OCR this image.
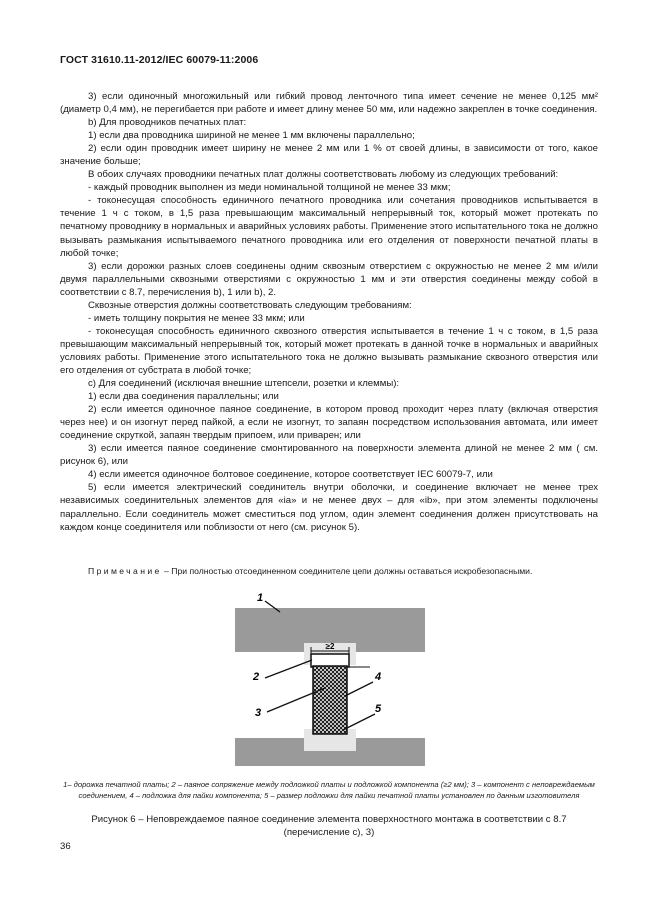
ГОСТ 31610.11-2012/IEC 60079-11:2006

3) если одиночный многожильный или гибкий провод ленточного типа имеет сечение не менее 0,125 мм² (диаметр 0,4 мм), не перегибается при работе и имеет длину менее 50 мм, или надежно закреплен в точке соединения.

b) Для проводников печатных плат:

1) если два проводника шириной не менее 1 мм включены параллельно;

2) если один проводник имеет ширину не менее 2 мм или 1 % от своей длины, в зависимости от того, какое значение больше;

В обоих случаях проводники печатных плат должны соответствовать любому из следующих требований:

- каждый проводник выполнен из меди номинальной толщиной не менее 33 мкм;

- токонесущая способность единичного печатного проводника или сочетания проводников испытывается в течение 1 ч с током, в 1,5 раза превышающим максимальный непрерывный ток, который может протекать по печатному проводнику в нормальных и аварийных условиях работы. Применение этого испытательного тока не должно вызывать размыкания испытываемого печатного проводника или его отделения от поверхности печатной платы в любой точке;

3) если дорожки разных слоев соединены одним сквозным отверстием с окружностью не менее 2 мм и/или двумя параллельными сквозными отверстиями с окружностью 1 мм и эти отверстия соединены между собой в соответствии с 8.7, перечисления b), 1 или b), 2.

Сквозные отверстия должны соответствовать следующим требованиям:

- иметь толщину покрытия не менее 33 мкм; или

- токонесущая способность единичного сквозного отверстия испытывается в течение 1 ч с током, в 1,5 раза превышающим максимальный непрерывный ток, который может протекать в данной точке в нормальных и аварийных условиях работы. Применение этого испытательного тока не должно вызывать размыкание сквозного отверстия или его отделения от субстрата в любой точке;

с) Для соединений (исключая внешние штепсели, розетки и клеммы):

1) если два соединения параллельны; или

2) если имеется одиночное паяное соединение, в котором провод проходит через плату (включая отверстия через нее) и он изогнут перед пайкой, а если не изогнут, то запаян посредством использования автомата, или имеет соединение скруткой, запаян твердым припоем, или приварен; или

3) если имеется паяное соединение смонтированного на поверхности элемента длиной не менее 2 мм ( см. рисунок 6), или

4) если имеется одиночное болтовое соединение, которое соответствует IEC 60079-7, или

5) если имеется электрический соединитель внутри оболочки, и соединение включает не менее трех независимых соединительных элементов для «ia» и не менее двух – для «ib», при этом элементы подключены параллельно. Если соединитель может сместиться под углом, один элемент соединения должен присутствовать на каждом конце соединителя или поблизости от него (см. рисунок 5).

Примечание – При полностью отсоединенном соединителе цепи должны оставаться искробезопасными.
≥2
1
2
3
4
5
1– дорожка печатной платы; 2 – паяное сопряжение между подложкой платы и подложкой компонента (≥2 мм); 3 – компонент с неповреждаемым соединением, 4 – подложка для пайки компонента; 5 – размер подложки для пайки печатной платы установлен по данным изготовителя
Рисунок 6 – Неповреждаемое паяное соединение элемента поверхностного монтажа в соответствии с 8.7 (перечисление с), 3)
36
